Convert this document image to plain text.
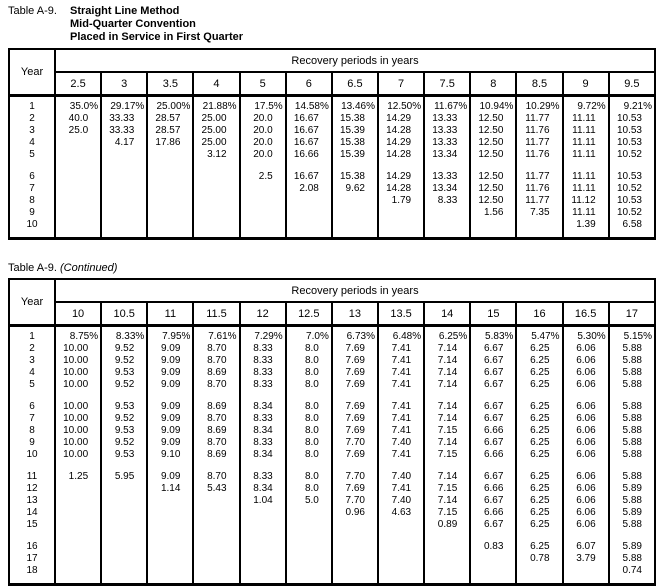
Table A-9.	Straight Line Method
Mid-Quarter Convention
Placed in Service in First Quarter
Year	Recovery periods in years												
	2.5	3	3.5	4	5	6	6.5	7	7.5	8	8.5	9	9.5
1	35.0%	29.17%	25.00%	21.88%	17.5%	14.58%	13.46%	12.50%	11.67%	10.94%	10.29%	9.72%	9.21%
2	40.0	33.33	28.57	25.00	20.0	16.67	15.38	14.29	13.33	12.50	11.77	11.11	10.53
3	25.0	33.33	28.57	25.00	20.0	16.67	15.39	14.28	13.33	12.50	11.76	11.11	10.53
4		4.17	17.86	25.00	20.0	16.67	15.38	14.29	13.33	12.50	11.77	11.11	10.53
5				3.12	20.0	16.66	15.39	14.28	13.34	12.50	11.76	11.11	10.52

6					2.5	16.67	15.38	14.29	13.33	12.50	11.77	11.11	10.53
7						2.08	9.62	14.28	13.34	12.50	11.76	11.11	10.52
8								1.79	8.33	12.50	11.77	11.12	10.53
9										1.56	7.35	11.11	10.52
10												1.39	6.58

Table A-9. (Continued)
Year	Recovery periods in years												
	10	10.5	11	11.5	12	12.5	13	13.5	14	15	16	16.5	17
1	8.75%	8.33%	7.95%	7.61%	7.29%	7.0%	6.73%	6.48%	6.25%	5.83%	5.47%	5.30%	5.15%
2	10.00	9.52	9.09	8.70	8.33	8.0	7.69	7.41	7.14	6.67	6.25	6.06	5.88
3	10.00	9.52	9.09	8.70	8.33	8.0	7.69	7.41	7.14	6.67	6.25	6.06	5.88
4	10.00	9.53	9.09	8.69	8.33	8.0	7.69	7.41	7.14	6.67	6.25	6.06	5.88
5	10.00	9.52	9.09	8.70	8.33	8.0	7.69	7.41	7.14	6.67	6.25	6.06	5.88

6	10.00	9.53	9.09	8.69	8.34	8.0	7.69	7.41	7.14	6.67	6.25	6.06	5.88
7	10.00	9.52	9.09	8.70	8.33	8.0	7.69	7.41	7.14	6.67	6.25	6.06	5.88
8	10.00	9.53	9.09	8.69	8.34	8.0	7.69	7.41	7.15	6.66	6.25	6.06	5.88
9	10.00	9.52	9.09	8.70	8.33	8.0	7.70	7.40	7.14	6.67	6.25	6.06	5.88
10	10.00	9.53	9.10	8.69	8.34	8.0	7.69	7.41	7.15	6.66	6.25	6.06	5.88

11	1.25	5.95	9.09	8.70	8.33	8.0	7.70	7.40	7.14	6.67	6.25	6.06	5.88
12			1.14	5.43	8.34	8.0	7.69	7.41	7.15	6.66	6.25	6.06	5.89
13					1.04	5.0	7.70	7.40	7.14	6.67	6.25	6.06	5.88
14							0.96	4.63	7.15	6.66	6.25	6.06	5.89
15									0.89	6.67	6.25	6.06	5.88

16										0.83	6.25	6.07	5.89
17											0.78	3.79	5.88
18													0.74
